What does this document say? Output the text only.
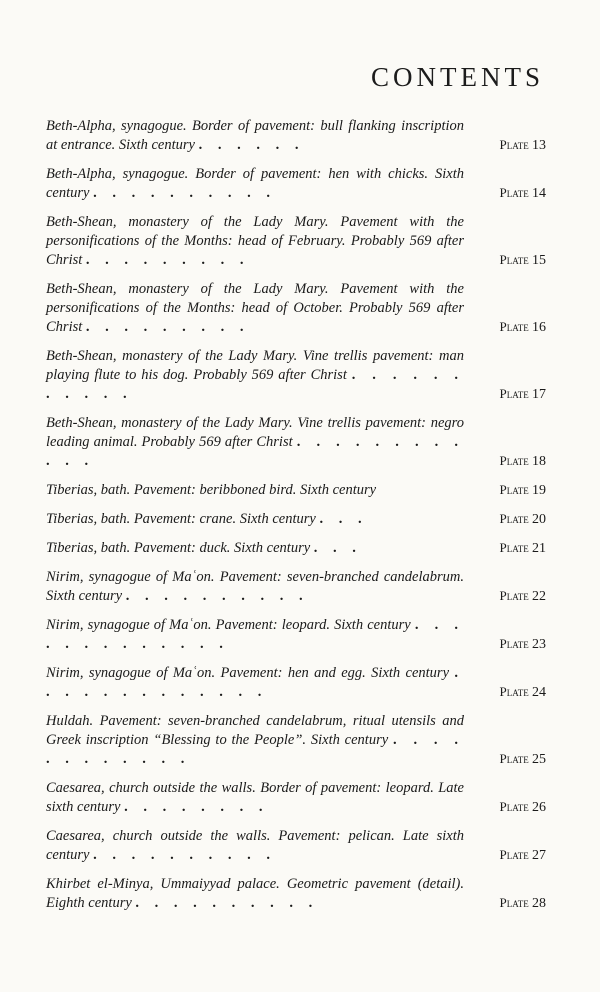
CONTENTS
Beth-Alpha, synagogue. Border of pavement: bull flanking inscription at entrance. Sixth century . . . . . .	Plate 13
Beth-Alpha, synagogue. Border of pavement: hen with chicks. Sixth century . . . . . . . . . .	Plate 14
Beth-Shean, monastery of the Lady Mary. Pavement with the personifications of the Months: head of February. Probably 569 after Christ . . . . . . . . .	Plate 15
Beth-Shean, monastery of the Lady Mary. Pavement with the personifications of the Months: head of October. Probably 569 after Christ . . . . . . . . .	Plate 16
Beth-Shean, monastery of the Lady Mary. Vine trellis pavement: man playing flute to his dog. Probably 569 after Christ . . . . . . . . . . .	Plate 17
Beth-Shean, monastery of the Lady Mary. Vine trellis pavement: negro leading animal. Probably 569 after Christ . . . . . . . . . . . .	Plate 18
Tiberias, bath. Pavement: beribboned bird. Sixth century	Plate 19
Tiberias, bath. Pavement: crane. Sixth century . . .	Plate 20
Tiberias, bath. Pavement: duck. Sixth century . . .	Plate 21
Nirim, synagogue of Maʿon. Pavement: seven-branched candelabrum. Sixth century . . . . . . . . . .	Plate 22
Nirim, synagogue of Maʿon. Pavement: leopard. Sixth century . . . . . . . . . . . . .	Plate 23
Nirim, synagogue of Maʿon. Pavement: hen and egg. Sixth century . . . . . . . . . . . . .	Plate 24
Huldah. Pavement: seven-branched candelabrum, ritual utensils and Greek inscription “Blessing to the People”. Sixth century . . . . . . . . . . . .	Plate 25
Caesarea, church outside the walls. Border of pavement: leopard. Late sixth century . . . . . . . .	Plate 26
Caesarea, church outside the walls. Pavement: pelican. Late sixth century . . . . . . . . . .	Plate 27
Khirbet el-Minya, Ummaiyyad palace. Geometric pavement (detail). Eighth century . . . . . . . . . .	Plate 28
